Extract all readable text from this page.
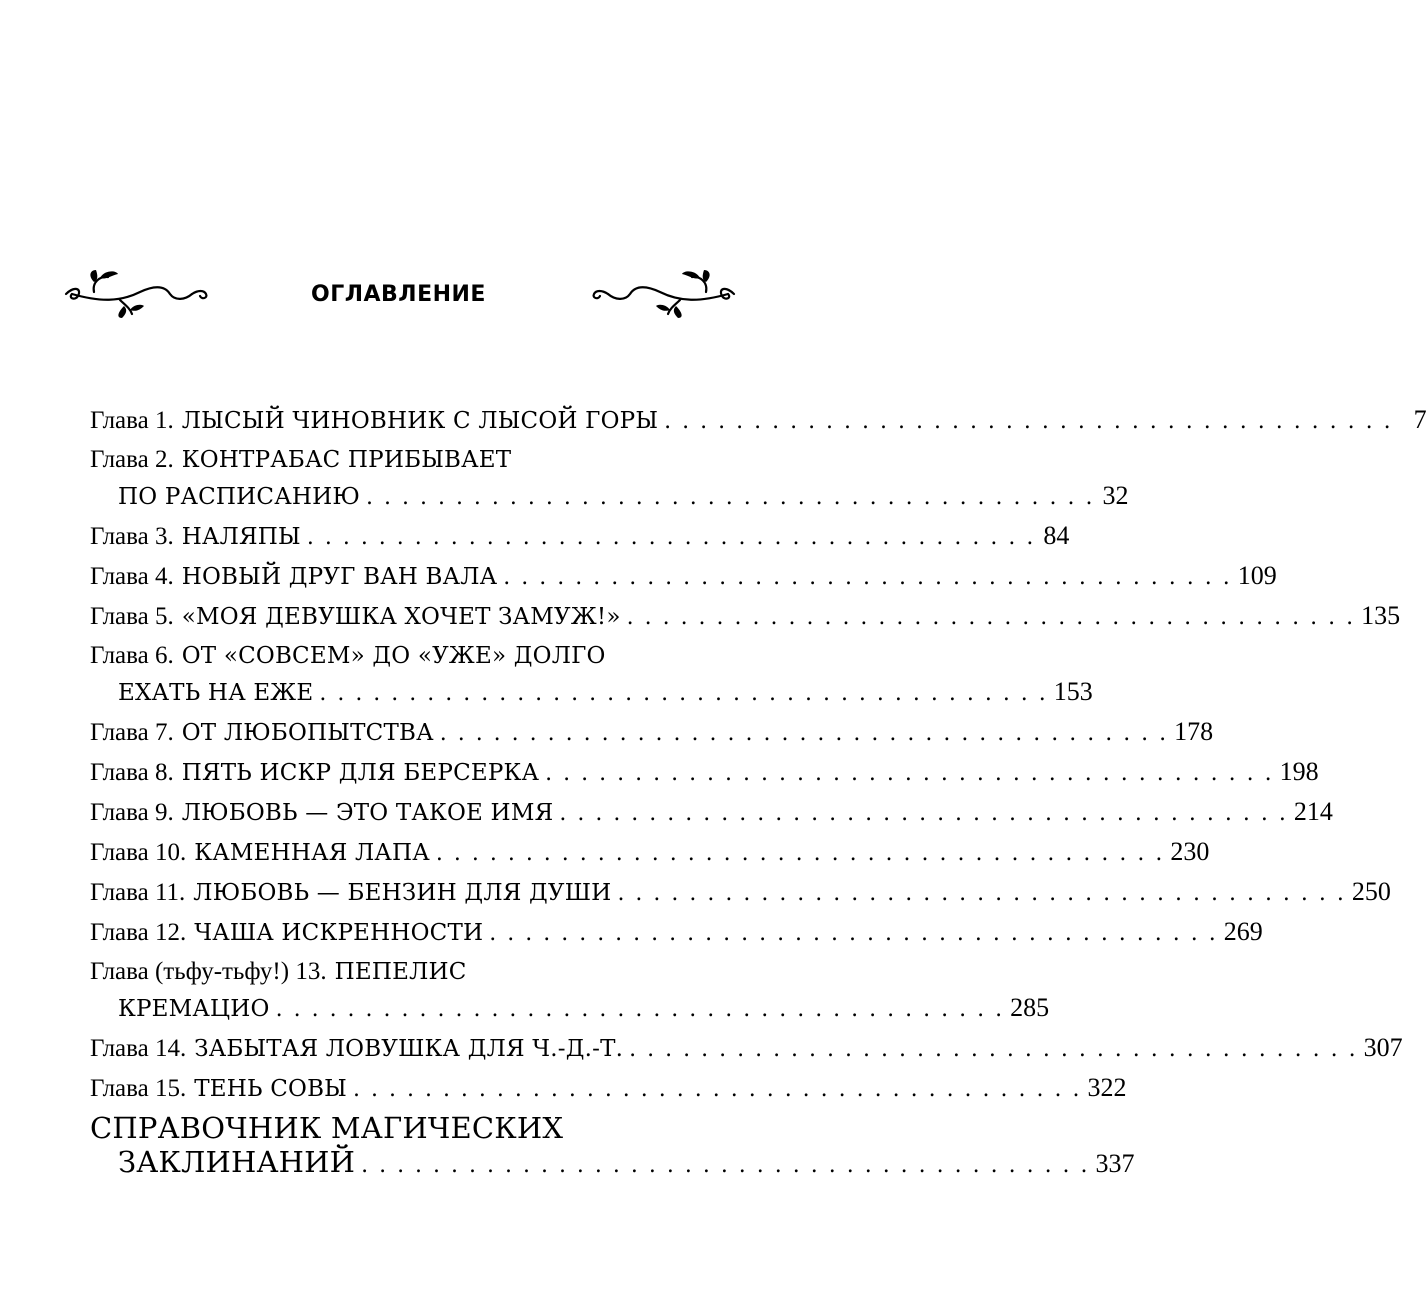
ОГЛАВЛЕНИЕ
Глава 1. ЛЫСЫЙ ЧИНОВНИК С ЛЫСОЙ ГОРЫ . . . . . . . . . . . . . . . . . . . . . . . . . . . . . . . . . . . . . . . . . 7
Глава 2. КОНТРАБАС ПРИБЫВАЕТ
ПО РАСПИСАНИЮ . . . . . . . . . . . . . . . . . . . . . . . . . . . . . . . . . . . . . . . . . 32
Глава 3. НАЛЯПЫ . . . . . . . . . . . . . . . . . . . . . . . . . . . . . . . . . . . . . . . . . 84
Глава 4. НОВЫЙ ДРУГ ВАН ВАЛА . . . . . . . . . . . . . . . . . . . . . . . . . . . . . . . . . . . . . . . . . 109
Глава 5. «МОЯ ДЕВУШКА ХОЧЕТ ЗАМУЖ!» . . . . . . . . . . . . . . . . . . . . . . . . . . . . . . . . . . . . . . . . . 135
Глава 6. ОТ «СОВСЕМ» ДО «УЖЕ» ДОЛГО
ЕХАТЬ НА ЕЖЕ . . . . . . . . . . . . . . . . . . . . . . . . . . . . . . . . . . . . . . . . . 153
Глава 7. ОТ ЛЮБОПЫТСТВА . . . . . . . . . . . . . . . . . . . . . . . . . . . . . . . . . . . . . . . . . 178
Глава 8. ПЯТЬ ИСКР ДЛЯ БЕРСЕРКА . . . . . . . . . . . . . . . . . . . . . . . . . . . . . . . . . . . . . . . . . 198
Глава 9. ЛЮБОВЬ — ЭТО ТАКОЕ ИМЯ . . . . . . . . . . . . . . . . . . . . . . . . . . . . . . . . . . . . . . . . . 214
Глава 10. КАМЕННАЯ ЛАПА . . . . . . . . . . . . . . . . . . . . . . . . . . . . . . . . . . . . . . . . . 230
Глава 11. ЛЮБОВЬ — БЕНЗИН ДЛЯ ДУШИ . . . . . . . . . . . . . . . . . . . . . . . . . . . . . . . . . . . . . . . . . 250
Глава 12. ЧАША ИСКРЕННОСТИ . . . . . . . . . . . . . . . . . . . . . . . . . . . . . . . . . . . . . . . . . 269
Глава (тьфу-тьфу!) 13. ПЕПЕЛИС
КРЕМАЦИО . . . . . . . . . . . . . . . . . . . . . . . . . . . . . . . . . . . . . . . . . 285
Глава 14. ЗАБЫТАЯ ЛОВУШКА ДЛЯ Ч.-Д.-Т. . . . . . . . . . . . . . . . . . . . . . . . . . . . . . . . . . . . . . . . . . 307
Глава 15. ТЕНЬ СОВЫ . . . . . . . . . . . . . . . . . . . . . . . . . . . . . . . . . . . . . . . . . 322
СПРАВОЧНИК МАГИЧЕСКИХ
ЗАКЛИНАНИЙ . . . . . . . . . . . . . . . . . . . . . . . . . . . . . . . . . . . . . . . . . 337
